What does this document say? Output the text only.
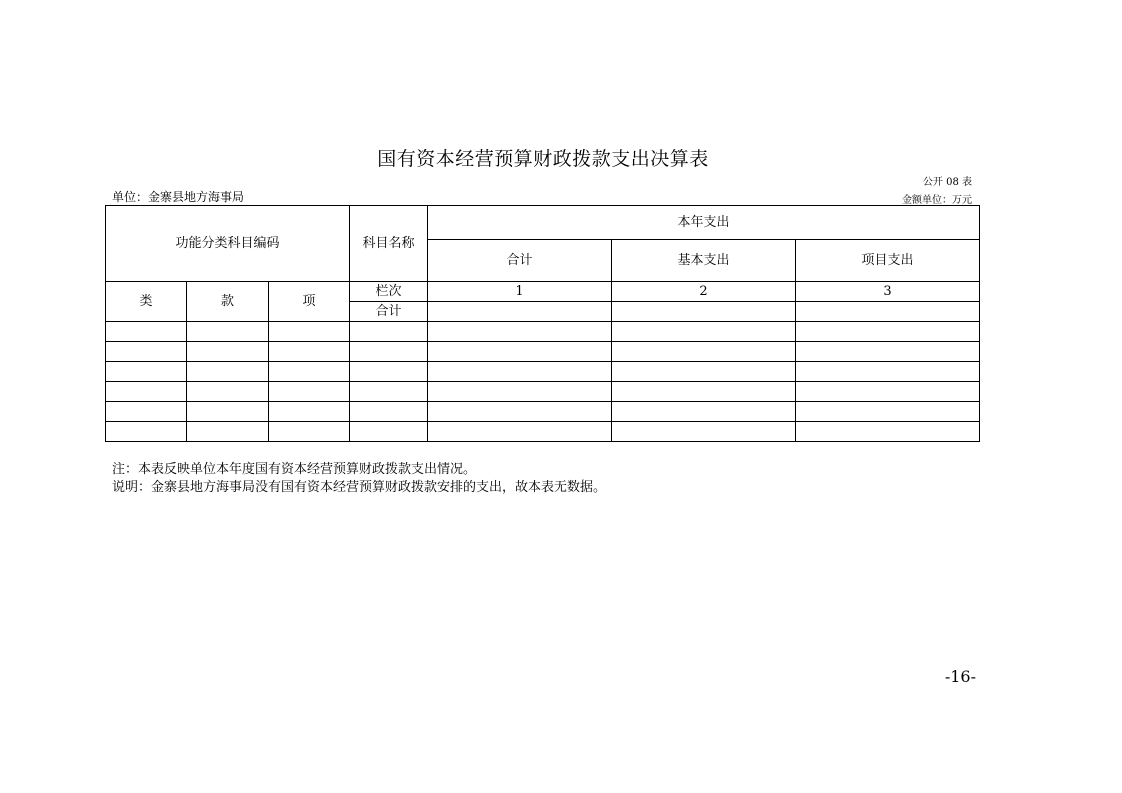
国有资本经营预算财政拨款支出决算表
公开 08 表
单位：金寨县地方海事局	金额单位：万元
功能分类科目编码			科目名称	本年支出		
				合计	基本支出	项目支出
类	款	项	栏次	1	2	3
			合计			

注：本表反映单位本年度国有资本经营预算财政拨款支出情况。
说明：金寨县地方海事局没有国有资本经营预算财政拨款安排的支出，故本表无数据。
-16-
